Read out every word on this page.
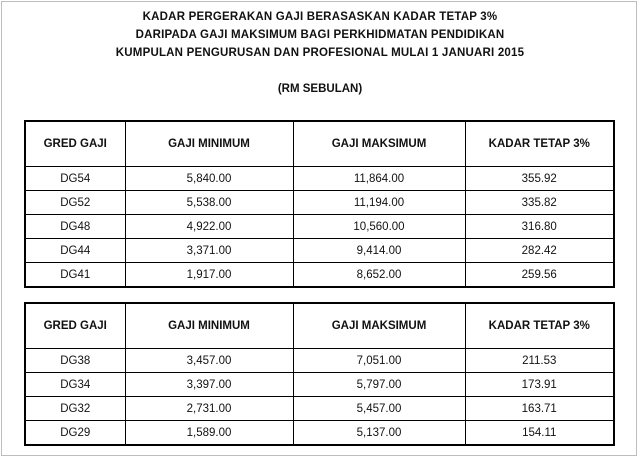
KADAR PERGERAKAN GAJI BERASASKAN KADAR TETAP 3%
DARIPADA GAJI MAKSIMUM BAGI PERKHIDMATAN PENDIDIKAN
KUMPULAN PENGURUSAN DAN PROFESIONAL MULAI 1 JANUARI 2015
(RM SEBULAN)
GRED GAJI	GAJI MINIMUM	GAJI MAKSIMUM	KADAR TETAP 3%
DG54	5,840.00	11,864.00	355.92
DG52	5,538.00	11,194.00	335.82
DG48	4,922.00	10,560.00	316.80
DG44	3,371.00	9,414.00	282.42
DG41	1,917.00	8,652.00	259.56
GRED GAJI	GAJI MINIMUM	GAJI MAKSIMUM	KADAR TETAP 3%
DG38	3,457.00	7,051.00	211.53
DG34	3,397.00	5,797.00	173.91
DG32	2,731.00	5,457.00	163.71
DG29	1,589.00	5,137.00	154.11
